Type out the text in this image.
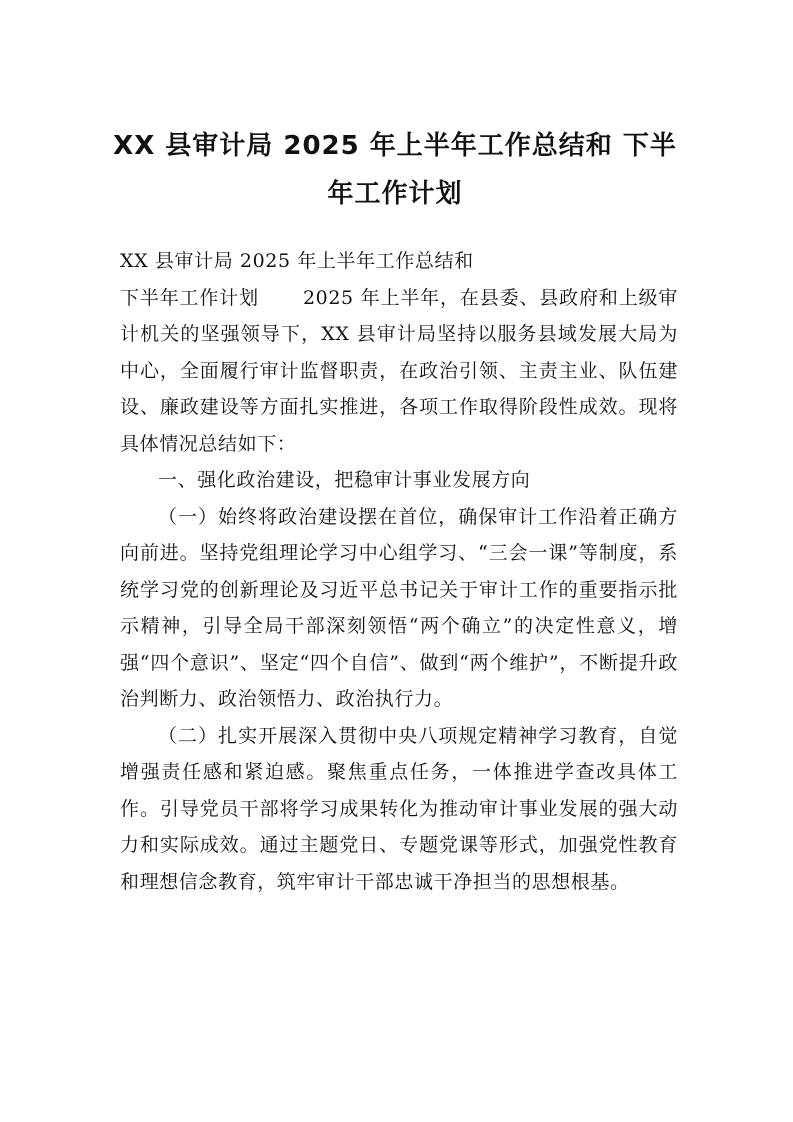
XX 县审计局 2025 年上半年工作总结和 下半年工作计划

XX 县审计局 2025 年上半年工作总结和

下半年工作计划 2025 年上半年，在县委、县政府和上级审计机关的坚强领导下，XX 县审计局坚持以服务县域发展大局为中心，全面履行审计监督职责，在政治引领、主责主业、队伍建设、廉政建设等方面扎实推进，各项工作取得阶段性成效。现将具体情况总结如下：

一、强化政治建设，把稳审计事业发展方向

（一）始终将政治建设摆在首位，确保审计工作沿着正确方向前进。坚持党组理论学习中心组学习、“三会一课”等制度，系统学习党的创新理论及习近平总书记关于审计工作的重要指示批示精神，引导全局干部深刻领悟“两个确立”的决定性意义，增强“四个意识”、坚定“四个自信”、做到“两个维护”，不断提升政治判断力、政治领悟力、政治执行力。

（二）扎实开展深入贯彻中央八项规定精神学习教育，自觉增强责任感和紧迫感。聚焦重点任务，一体推进学查改具体工作。引导党员干部将学习成果转化为推动审计事业发展的强大动力和实际成效。通过主题党日、专题党课等形式，加强党性教育和理想信念教育，筑牢审计干部忠诚干净担当的思想根基。
